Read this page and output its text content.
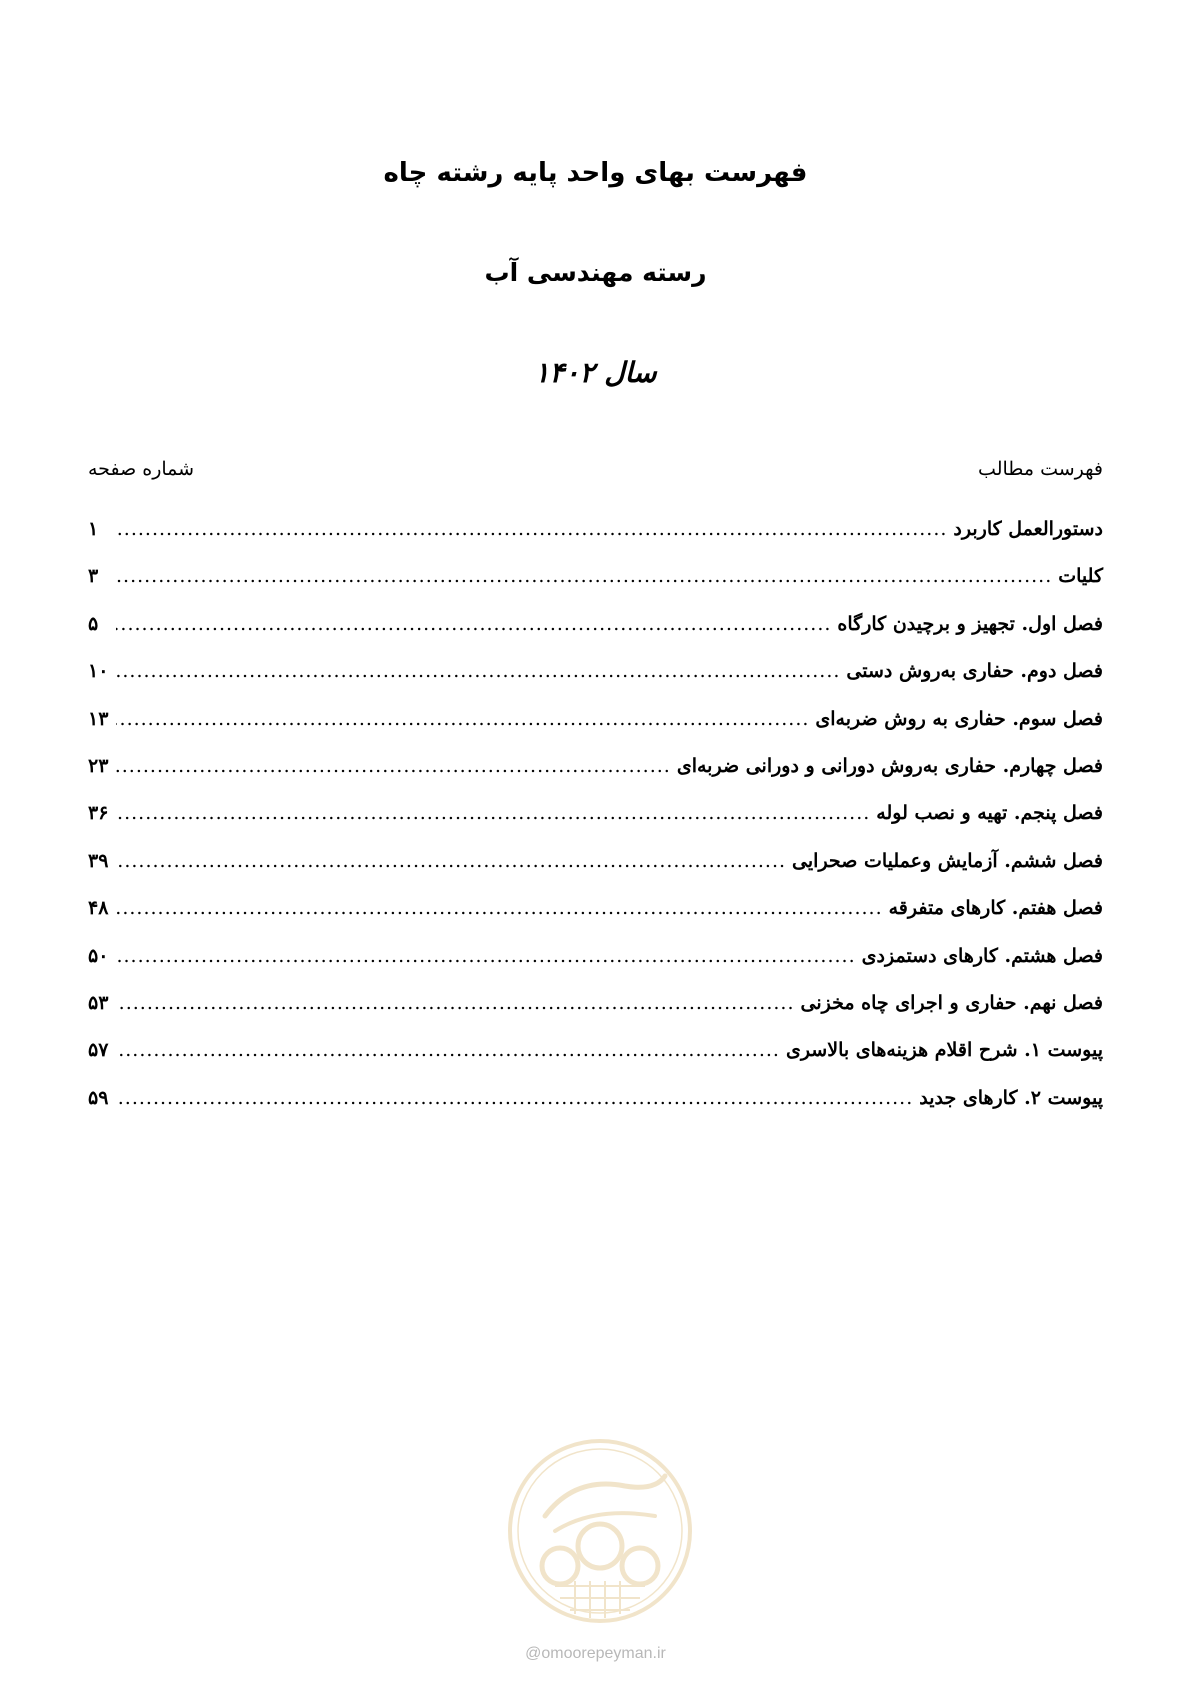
فهرست بهای واحد پایه رشته چاه
رسته مهندسی آب
سال ۱۴۰۲
فهرست مطالب
شماره صفحه
دستورالعمل کاربرد
.....
۱
کلیات
.....
۳
فصل اول. تجهیز و برچیدن کارگاه
.....
۵
فصل دوم. حفاری به‌روش دستی
.....
۱۰
فصل سوم. حفاری به روش ضربه‌ای
.....
۱۳
فصل چهارم. حفاری به‌روش دورانی و دورانی ضربه‌ای
.....
۲۳
فصل پنجم. تهیه و نصب لوله
.....
۳۶
فصل ششم. آزمایش وعملیات صحرایی
.....
۳۹
فصل هفتم. کارهای متفرقه
.....
۴۸
فصل هشتم. کارهای دستمزدی
.....
۵۰
فصل نهم. حفاری و اجرای چاه مخزنی
.....
۵۳
پیوست ۱. شرح اقلام هزینه‌های بالاسری
.....
۵۷
پیوست ۲. کارهای جدید
.....
۵۹
@omoorepeyman.ir
